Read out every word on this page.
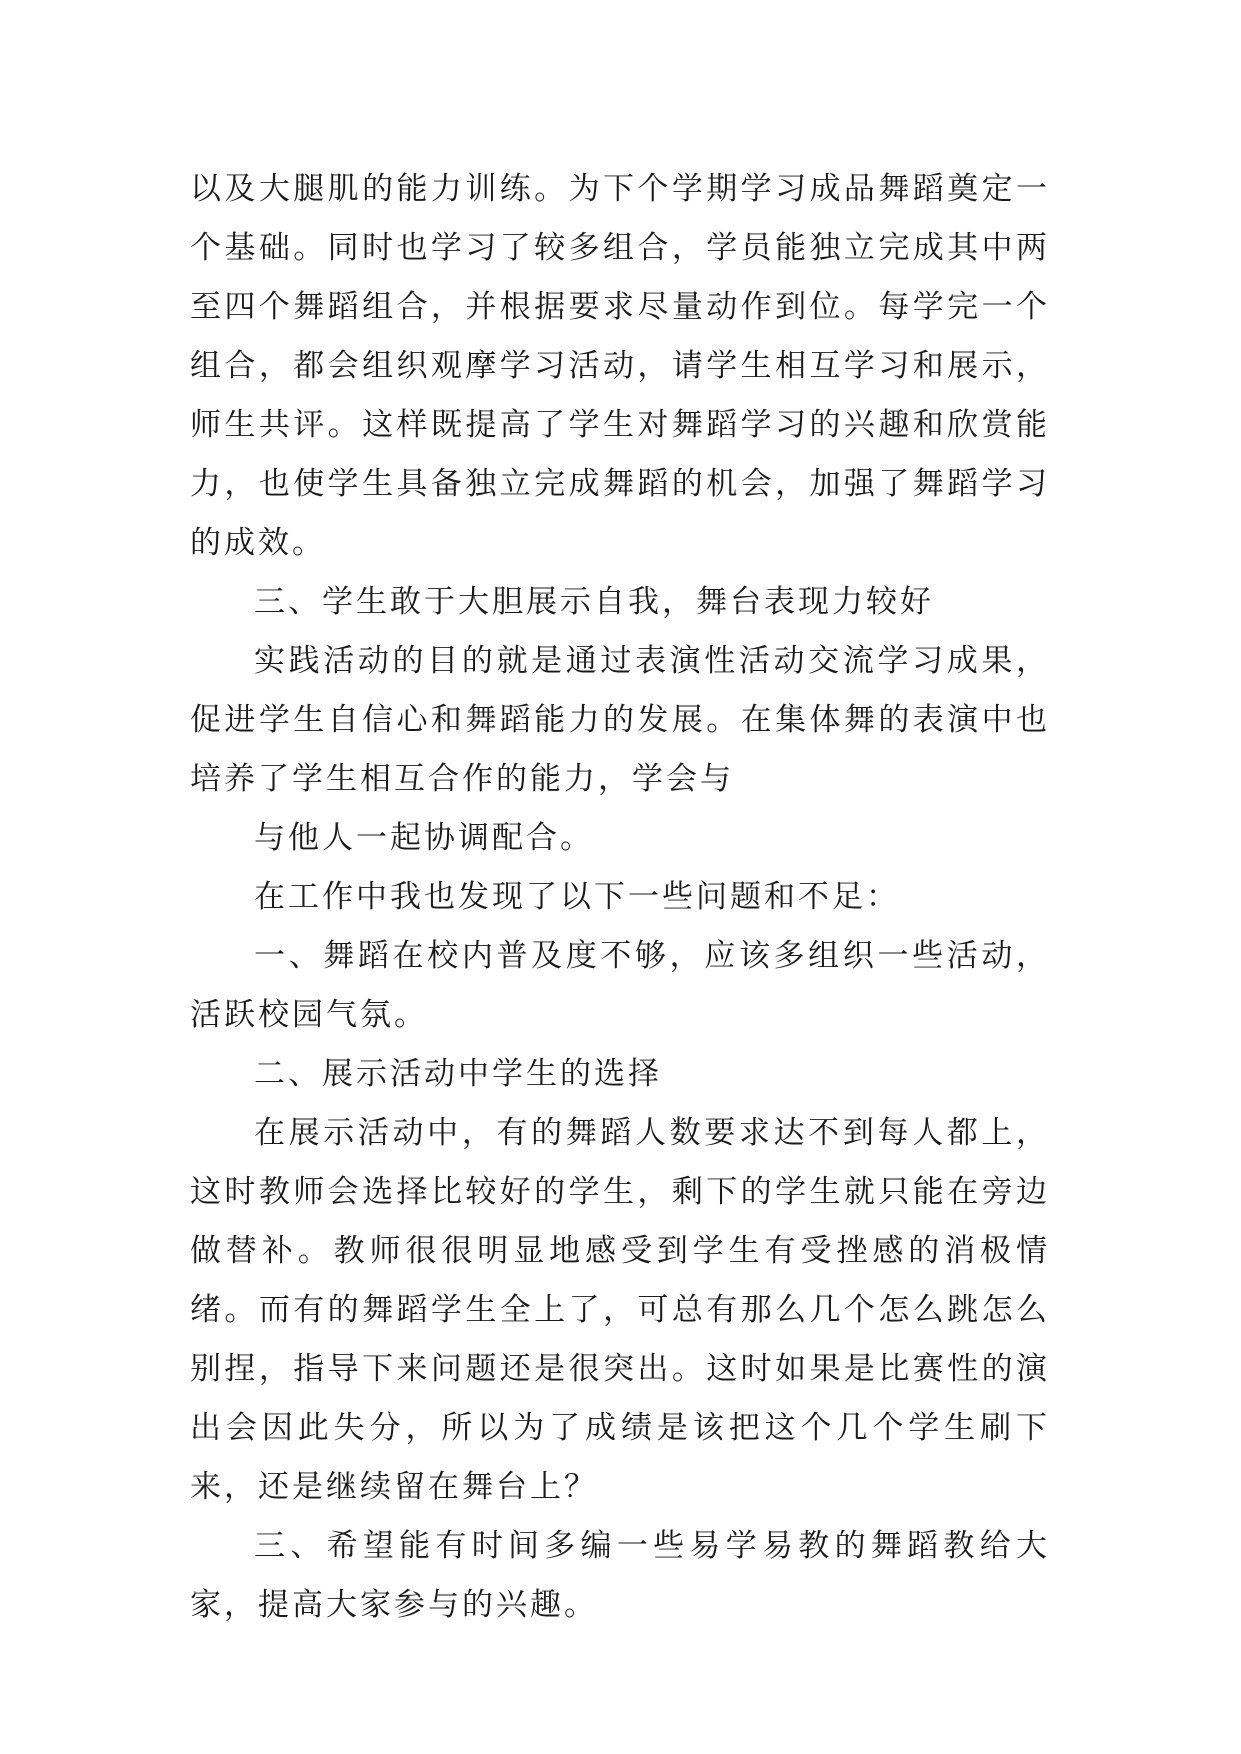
以及大腿肌的能力训练。为下个学期学习成品舞蹈奠定一个基础。同时也学习了较多组合，学员能独立完成其中两至四个舞蹈组合，并根据要求尽量动作到位。每学完一个组合，都会组织观摩学习活动，请学生相互学习和展示，师生共评。这样既提高了学生对舞蹈学习的兴趣和欣赏能力，也使学生具备独立完成舞蹈的机会，加强了舞蹈学习的成效。

三、学生敢于大胆展示自我，舞台表现力较好

实践活动的目的就是通过表演性活动交流学习成果，促进学生自信心和舞蹈能力的发展。在集体舞的表演中也培养了学生相互合作的能力，学会与

与他人一起协调配合。

在工作中我也发现了以下一些问题和不足：

一、舞蹈在校内普及度不够，应该多组织一些活动，活跃校园气氛。

二、展示活动中学生的选择

在展示活动中，有的舞蹈人数要求达不到每人都上，这时教师会选择比较好的学生，剩下的学生就只能在旁边做替补。教师很很明显地感受到学生有受挫感的消极情绪。而有的舞蹈学生全上了，可总有那么几个怎么跳怎么别捏，指导下来问题还是很突出。这时如果是比赛性的演出会因此失分，所以为了成绩是该把这个几个学生刷下来，还是继续留在舞台上？

三、希望能有时间多编一些易学易教的舞蹈教给大家，提高大家参与的兴趣。
